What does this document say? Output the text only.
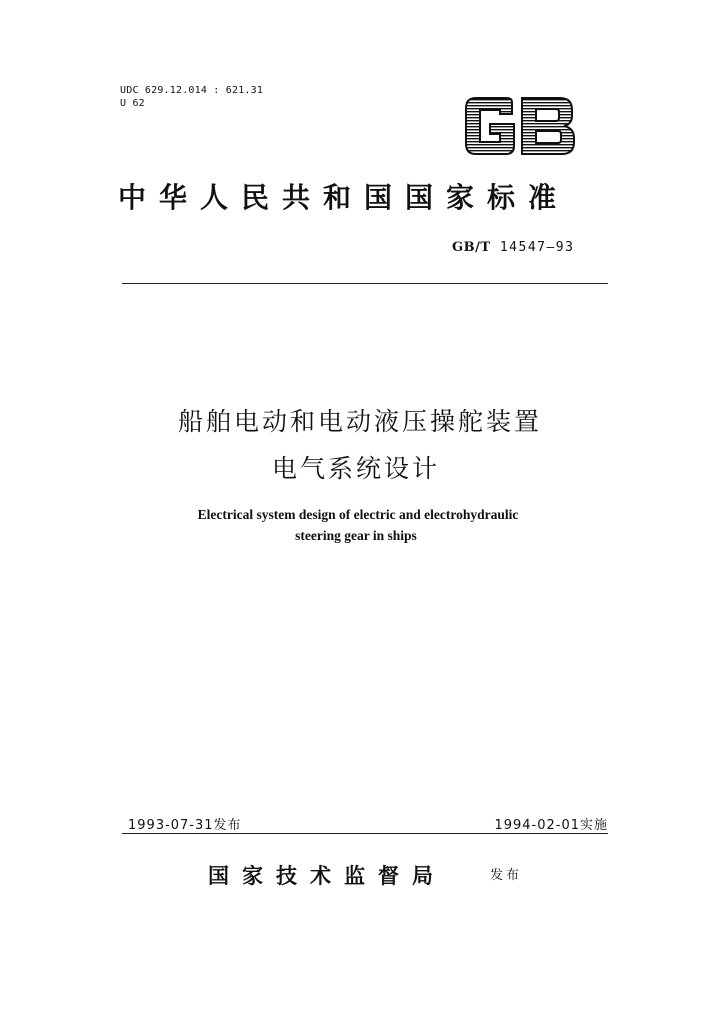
UDC 629.12.014 : 621.31
U 62
中华人民共和国国家标准
GB/T 14547—93
船舶电动和电动液压操舵装置
电气系统设计
Electrical system design of electric and electrohydraulic
steering gear in ships
1993-07-31发布	1994-02-01实施
国家技术监督局	发布
